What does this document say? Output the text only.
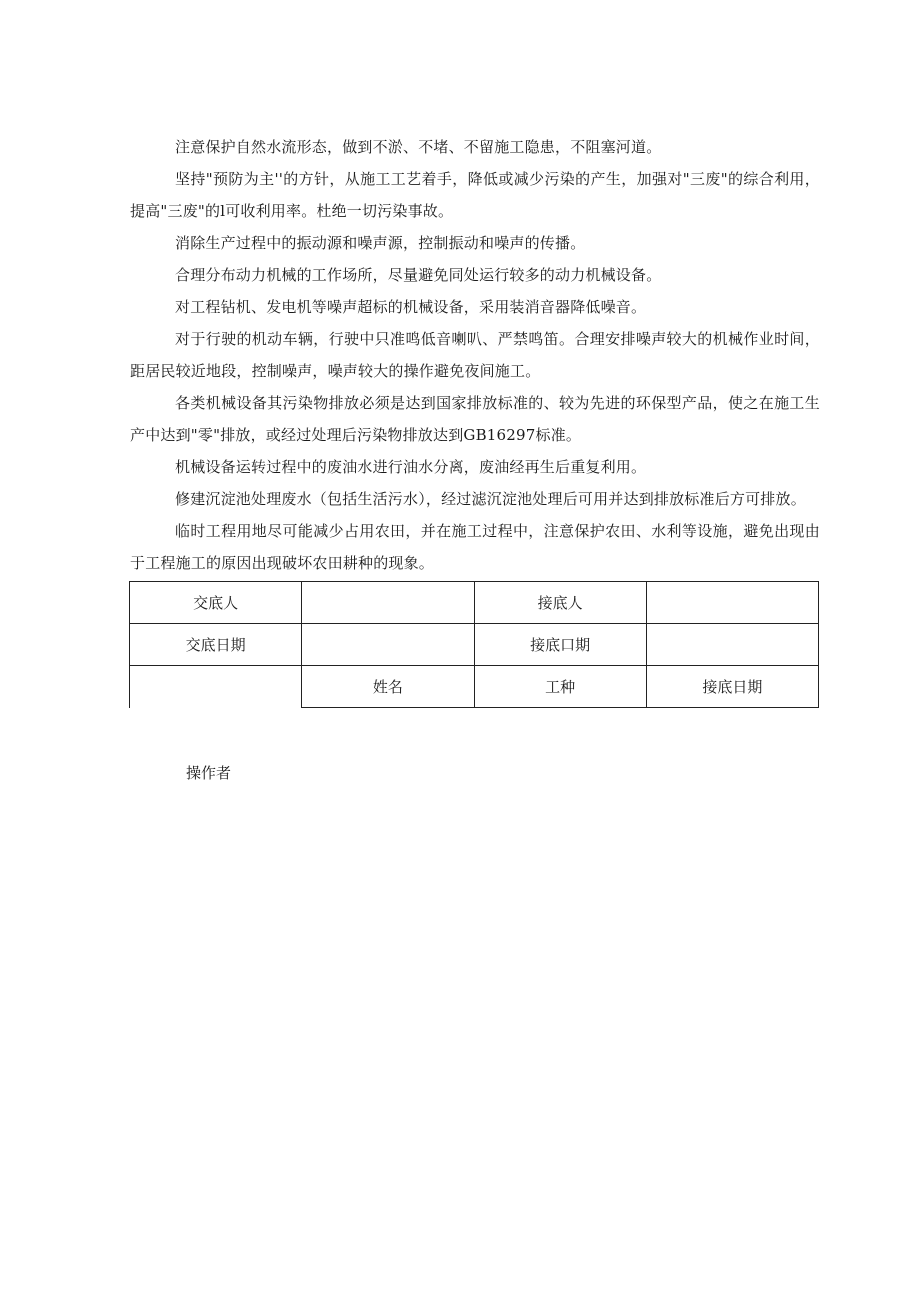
注意保护自然水流形态，做到不淤、不堵、不留施工隐患，不阻塞河道。

坚持"预防为主''的方针，从施工工艺着手，降低或减少污染的产生，加强对"三废"的综合利用，提高"三废"的l可收利用率。杜绝一切污染事故。

消除生产过程中的振动源和噪声源，控制振动和噪声的传播。

合理分布动力机械的工作场所，尽量避免同处运行较多的动力机械设备。

对工程钻机、发电机等噪声超标的机械设备，采用装消音器降低噪音。

对于行驶的机动车辆，行驶中只准鸣低音喇叭、严禁鸣笛。合理安排噪声较大的机械作业时间，距居民较近地段，控制噪声，噪声较大的操作避免夜间施工。

各类机械设备其污染物排放必须是达到国家排放标准的、较为先进的环保型产品，使之在施工生产中达到"零"排放，或经过处理后污染物排放达到GB16297标准。

机械设备运转过程中的废油水进行油水分离，废油经再生后重复利用。

修建沉淀池处理废水（包括生活污水），经过滤沉淀池处理后可用并达到排放标准后方可排放。

临时工程用地尽可能减少占用农田，并在施工过程中，注意保护农田、水利等设施，避免出现由于工程施工的原因出现破坏农田耕种的现象。

交底人		接底人	
交底日期		接底口期	
	姓名	工种	接底日期
操作者
